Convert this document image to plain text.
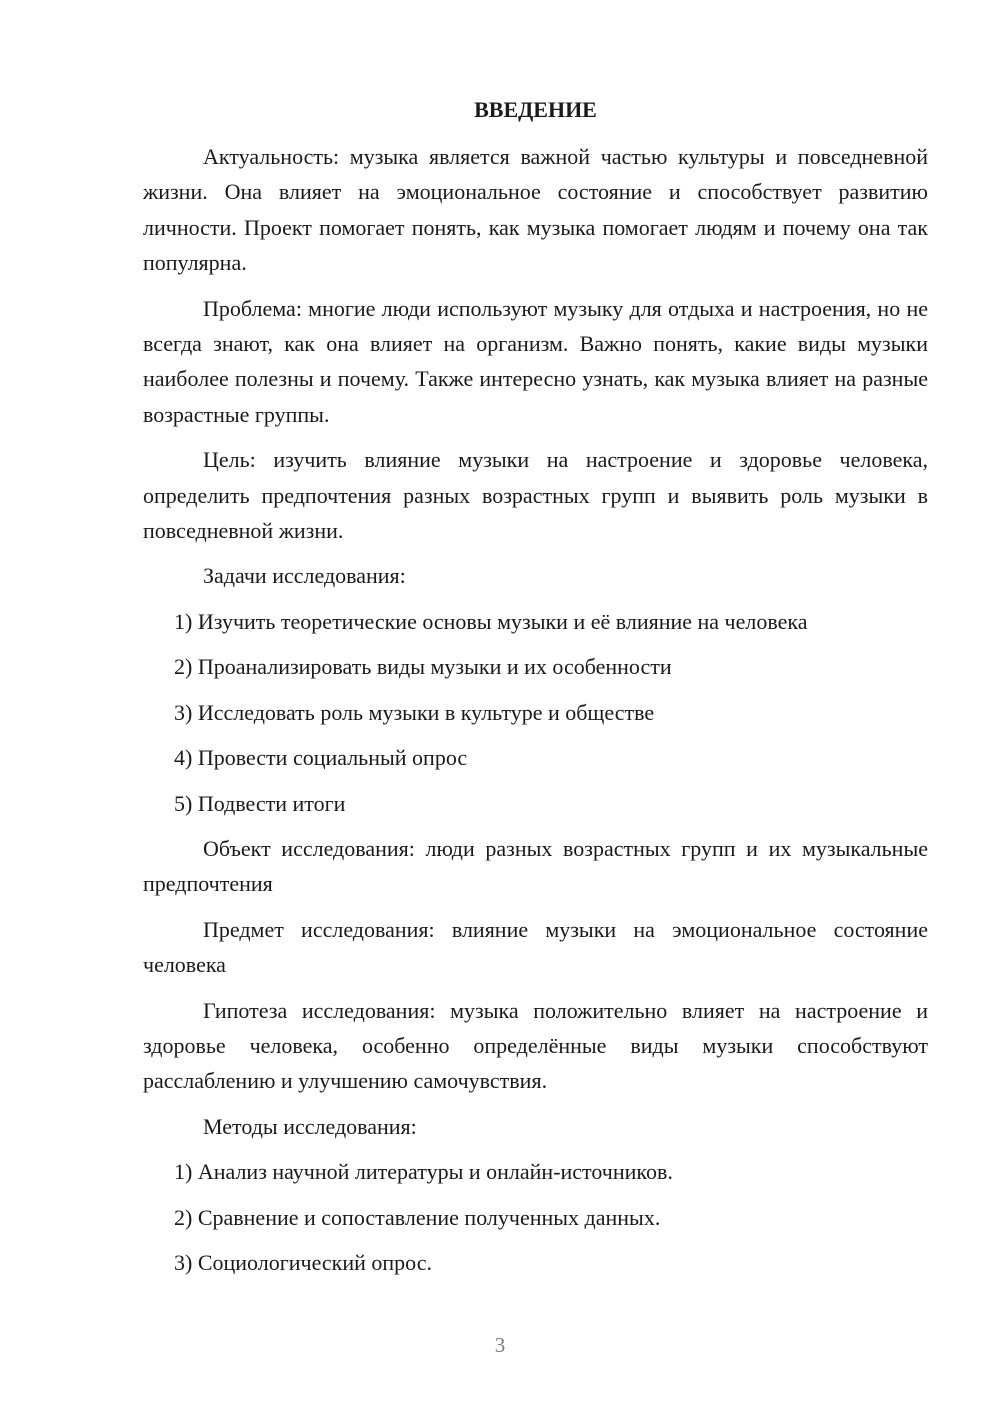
ВВЕДЕНИЕ

Актуальность: музыка является важной частью культуры и повседневной жизни. Она влияет на эмоциональное состояние и способствует развитию личности. Проект помогает понять, как музыка помогает людям и почему она так популярна.

Проблема: многие люди используют музыку для отдыха и настроения, но не всегда знают, как она влияет на организм. Важно понять, какие виды музыки наиболее полезны и почему. Также интересно узнать, как музыка влияет на разные возрастные группы.

Цель: изучить влияние музыки на настроение и здоровье человека, определить предпочтения разных возрастных групп и выявить роль музыки в повседневной жизни.

Задачи исследования:

1) Изучить теоретические основы музыки и её влияние на человека
2) Проанализировать виды музыки и их особенности
3) Исследовать роль музыки в культуре и обществе
4) Провести социальный опрос
5) Подвести итоги

Объект исследования: люди разных возрастных групп и их музыкальные предпочтения

Предмет исследования: влияние музыки на эмоциональное состояние человека

Гипотеза исследования: музыка положительно влияет на настроение и здоровье человека, особенно определённые виды музыки способствуют расслаблению и улучшению самочувствия.

Методы исследования:

1) Анализ научной литературы и онлайн-источников.
2) Сравнение и сопоставление полученных данных.
3) Социологический опрос.
3
